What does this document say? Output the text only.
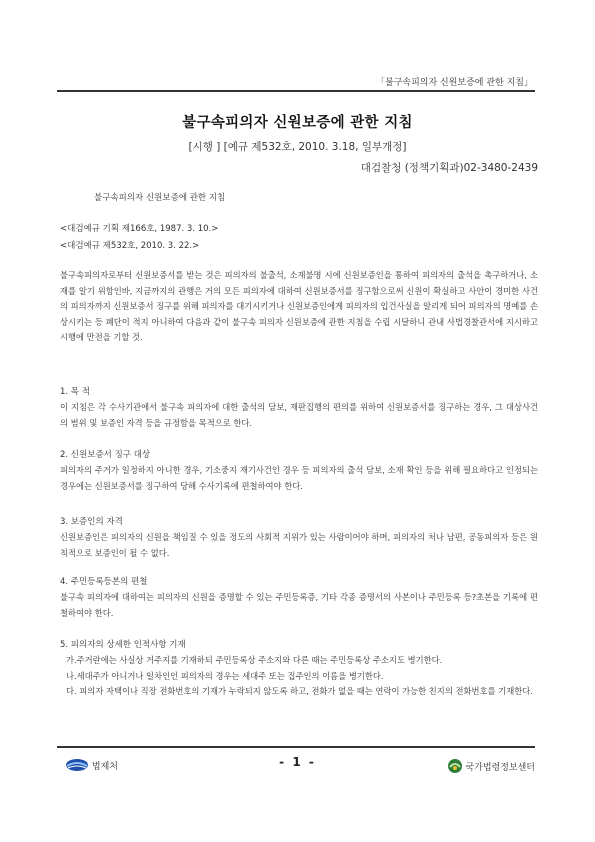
「불구속피의자 신원보증에 관한 지침」
불구속피의자 신원보증에 관한 지침
[시행 ] [예규 제532호, 2010. 3.18, 일부개정]
대검찰청 (정책기획과)02-3480-2439
불구속피의자 신원보증에 관한 지침
<대검예규 기획 제166호, 1987. 3. 10.>
<대검예규 제532호, 2010. 3. 22.>

불구속피의자로부터 신원보증서를 받는 것은 피의자의 불출석, 소재불명 시에 신원보증인을 통하여 피의자의 출석을 촉구하거나, 소재를 알기 위함인바, 지금까지의 관행은 거의 모든 피의자에 대하여 신원보증서를 징구함으로써 신원이 확실하고 사안이 경미한 사건의 피의자까지 신원보증서 징구를 위해 피의자를 대기시키거나 신원보증인에게 피의자의 입건사실을 알리게 되어 피의자의 명예를 손상시키는 등 폐단이 적지 아니하여 다음과 같이 불구속 피의자 신원보증에 관한 지침을 수립 시달하니 관내 사법경찰관서에 지시하고 시행에 만전을 기할 것.

1. 목 적

이 지침은 각 수사기관에서 불구속 피의자에 대한 출석의 담보, 재판집행의 편의를 위하여 신원보증서를 징구하는 경우, 그 대상사건의 범위 및 보증인 자격 등을 규정함을 목적으로 한다.

2. 신원보증서 징구 대상

피의자의 주거가 일정하지 아니한 경우, 기소중지 재기사건인 경우 등 피의자의 출석 담보, 소재 확인 등을 위해 필요하다고 인정되는 경우에는 신원보증서를 징구하여 당해 수사기록에 편철하여야 한다.

3. 보증인의 자격

신원보증인은 피의자의 신원을 책임질 수 있을 정도의 사회적 지위가 있는 사람이어야 하며, 피의자의 처나 남편, 공동피의자 등은 원칙적으로 보증인이 될 수 없다.

4. 주민등록등본의 편철

불구속 피의자에 대하여는 피의자의 신원을 증명할 수 있는 주민등록증, 기타 각종 증명서의 사본이나 주민등록 등?초본을 기록에 편철하여야 한다.

5. 피의자의 상세한 인적사항 기재

가.주거란에는 사실상 거주지를 기재하되 주민등록상 주소지와 다른 때는 주민등록상 주소지도 병기한다.

나.세대주가 아니거나 일차인인 피의자의 경우는 세대주 또는 집주인의 이름을 병기한다.

다. 피의자 자택이나 직장 전화번호의 기재가 누락되지 않도록 하고, 전화가 없을 때는 연락이 가능한 친지의 전화번호를 기재한다.

법제처	- 1 -	국가법령정보센터
